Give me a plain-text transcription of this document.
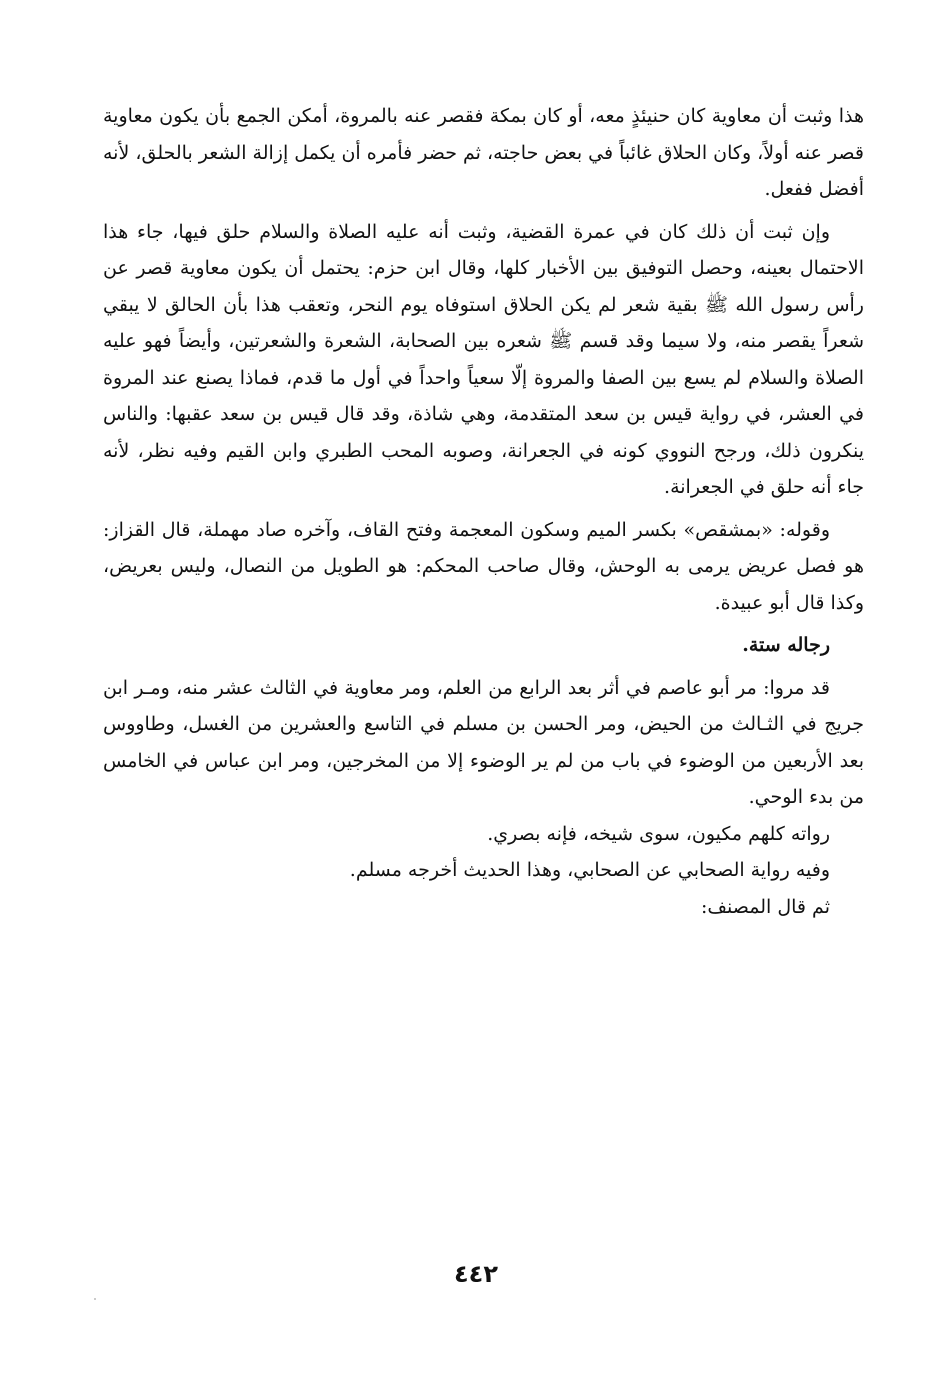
هذا وثبت أن معاوية كان حنيئذٍ معه، أو كان بمكة فقصر عنه بالمروة، أمكن الجمع بأن يكون معاوية قصر عنه أولاً، وكان الحلاق غائباً في بعض حاجته، ثم حضر فأمره أن يكمل إزالة الشعر بالحلق، لأنه أفضل ففعل.

وإن ثبت أن ذلك كان في عمرة القضية، وثبت أنه عليه الصلاة والسلام حلق فيها، جاء هذا الاحتمال بعينه، وحصل التوفيق بين الأخبار كلها، وقال ابن حزم: يحتمل أن يكون معاوية قصر عن رأس رسول الله ﷺ بقية شعر لم يكن الحلاق استوفاه يوم النحر، وتعقب هذا بأن الحالق لا يبقي شعراً يقصر منه، ولا سيما وقد قسم ﷺ شعره بين الصحابة، الشعرة والشعرتين، وأيضاً فهو عليه الصلاة والسلام لم يسع بين الصفا والمروة إلّا سعياً واحداً في أول ما قدم، فماذا يصنع عند المروة في العشر، في رواية قيس بن سعد المتقدمة، وهي شاذة، وقد قال قيس بن سعد عقبها: والناس ينكرون ذلك، ورجح النووي كونه في الجعرانة، وصوبه المحب الطبري وابن القيم وفيه نظر، لأنه جاء أنه حلق في الجعرانة.

وقوله: «بمشقص» بكسر الميم وسكون المعجمة وفتح القاف، وآخره صاد مهملة، قال القزاز: هو فصل عريض يرمى به الوحش، وقال صاحب المحكم: هو الطويل من النصال، وليس بعريض، وكذا قال أبو عبيدة.

رجاله ستة.

قد مروا: مر أبو عاصم في أثر بعد الرابع من العلم، ومر معاوية في الثالث عشر منه، ومـر ابن جريج في الثـالث من الحيض، ومر الحسن بن مسلم في التاسع والعشرين من الغسل، وطاووس بعد الأربعين من الوضوء في باب من لم ير الوضوء إلا من المخرجين، ومر ابن عباس في الخامس من بدء الوحي.

رواته كلهم مكيون، سوى شيخه، فإنه بصري.

وفيه رواية الصحابي عن الصحابي، وهذا الحديث أخرجه مسلم.

ثم قال المصنف:

٤٤٢
